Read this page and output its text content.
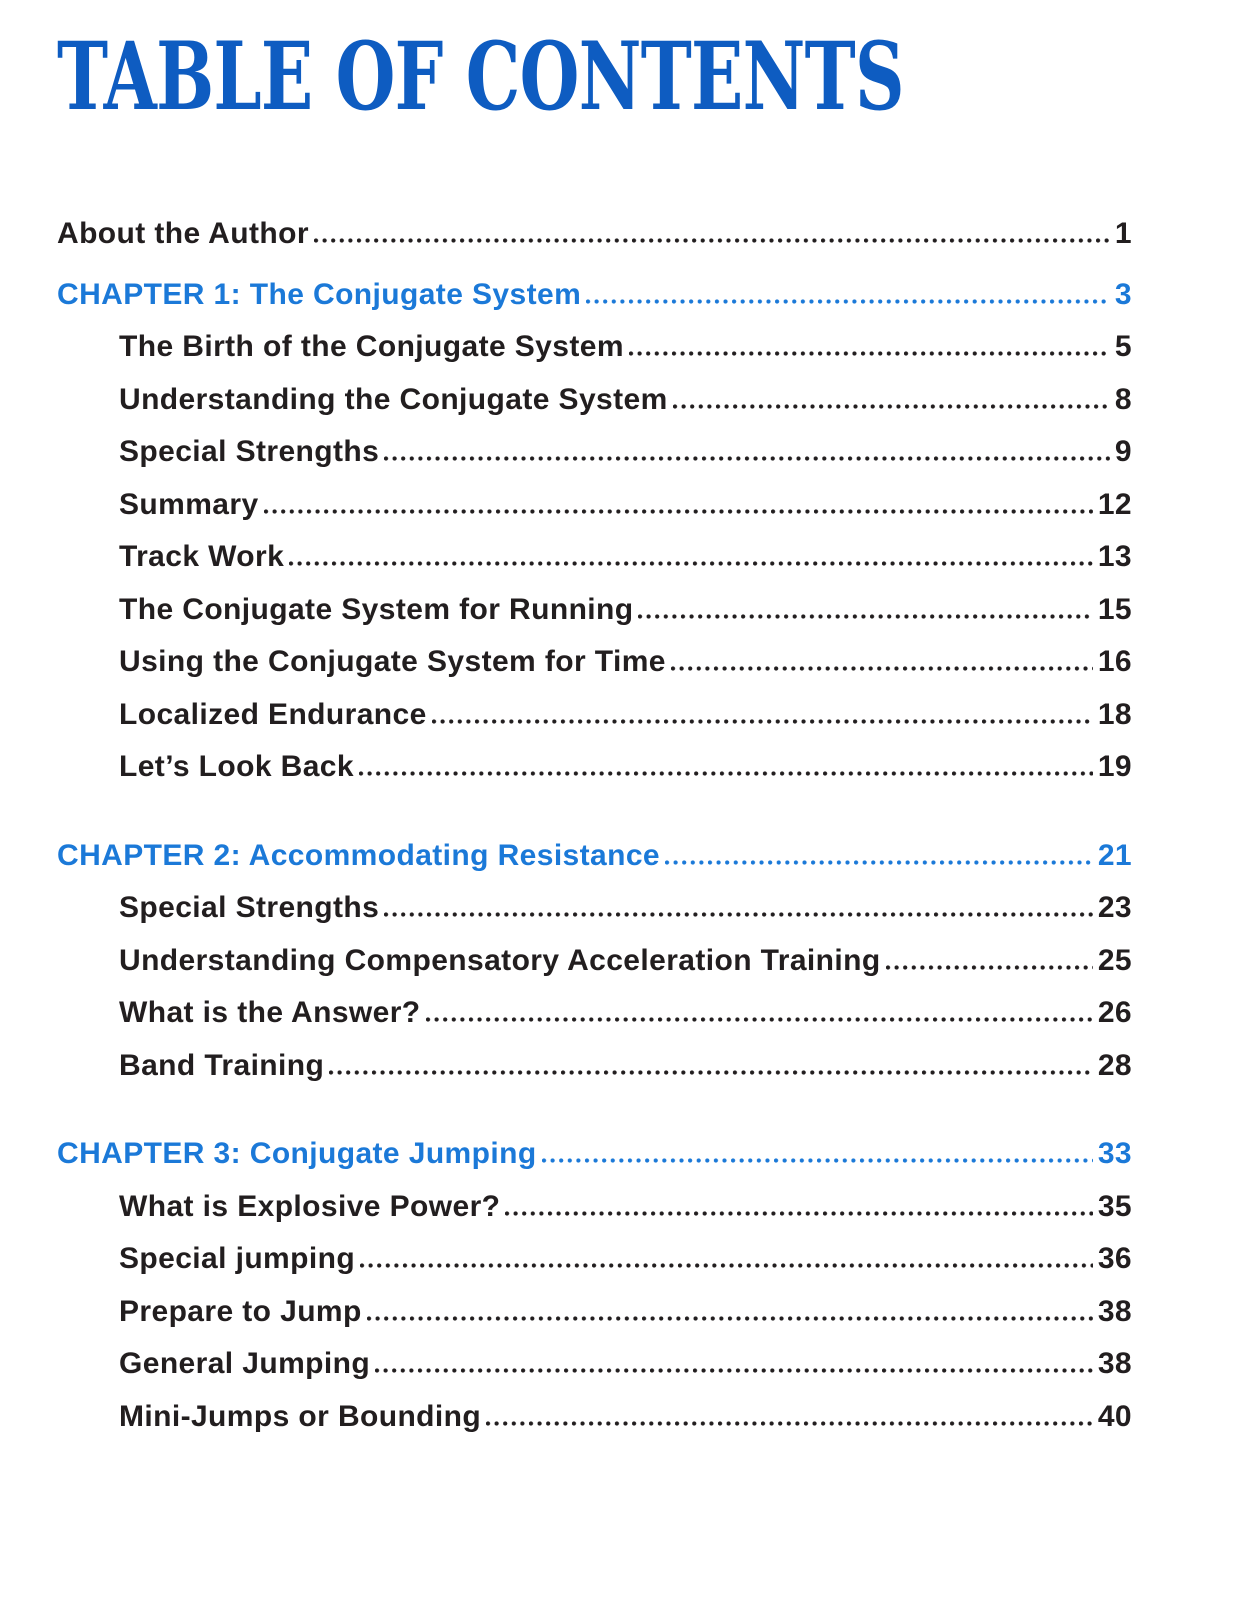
TABLE OF CONTENTS
About the Author	1
CHAPTER 1: The Conjugate System	3
The Birth of the Conjugate System	5
Understanding the Conjugate System	8
Special Strengths	9
Summary	12
Track Work	13
The Conjugate System for Running	15
Using the Conjugate System for Time	16
Localized Endurance	18
Let’s Look Back	19
CHAPTER 2: Accommodating Resistance	21
Special Strengths	23
Understanding Compensatory Acceleration Training	25
What is the Answer?	26
Band Training	28
CHAPTER 3: Conjugate Jumping	33
What is Explosive Power?	35
Special jumping	36
Prepare to Jump	38
General Jumping	38
Mini-Jumps or Bounding	40
